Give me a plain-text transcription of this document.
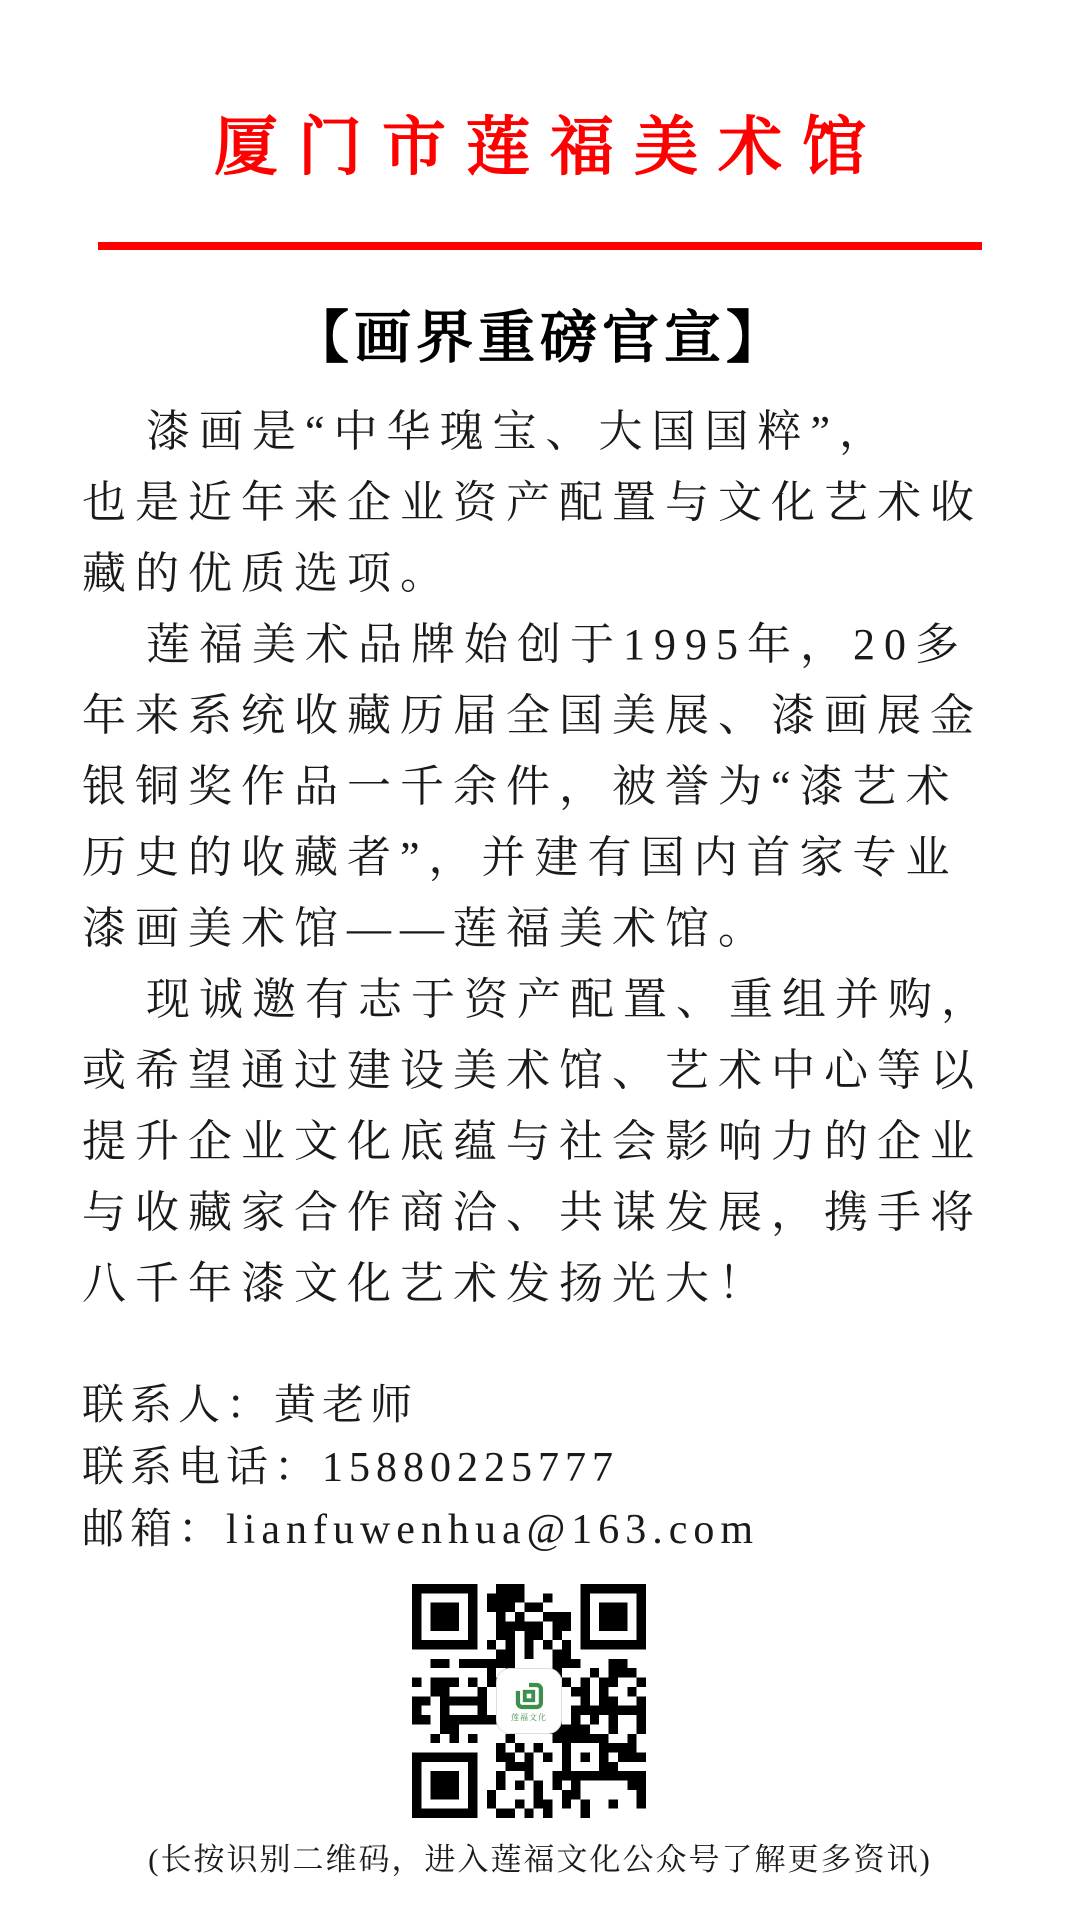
厦门市莲福美术馆
【画界重磅官宣】
漆画是“中华瑰宝、大国国粹”，
也是近年来企业资产配置与文化艺术收
藏的优质选项。
莲福美术品牌始创于1995年，20多
年来系统收藏历届全国美展、漆画展金
银铜奖作品一千余件，被誉为“漆艺术
历史的收藏者”，并建有国内首家专业
漆画美术馆——莲福美术馆。
现诚邀有志于资产配置、重组并购，
或希望通过建设美术馆、艺术中心等以
提升企业文化底蕴与社会影响力的企业
与收藏家合作商洽、共谋发展，携手将
八千年漆文化艺术发扬光大！
联系人：黄老师
联系电话：15880225777
邮箱：lianfuwenhua@163.com
莲福文化
(长按识别二维码，进入莲福文化公众号了解更多资讯)
